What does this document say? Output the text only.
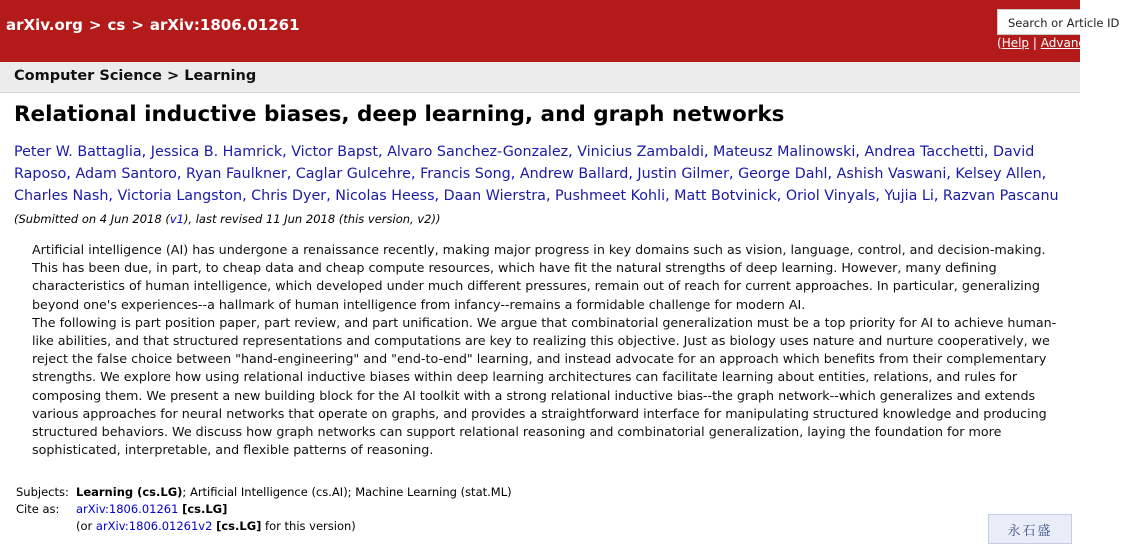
arXiv.org > cs > arXiv:1806.01261	Search or Article ID
(Help | Advanced search)
Computer Science > Learning
Relational inductive biases, deep learning, and graph networks
Peter W. Battaglia, Jessica B. Hamrick, Victor Bapst, Alvaro Sanchez-Gonzalez, Vinicius Zambaldi, Mateusz Malinowski, Andrea Tacchetti, David Raposo, Adam Santoro, Ryan Faulkner, Caglar Gulcehre, Francis Song, Andrew Ballard, Justin Gilmer, George Dahl, Ashish Vaswani, Kelsey Allen, Charles Nash, Victoria Langston, Chris Dyer, Nicolas Heess, Daan Wierstra, Pushmeet Kohli, Matt Botvinick, Oriol Vinyals, Yujia Li, Razvan Pascanu
(Submitted on 4 Jun 2018 (v1), last revised 11 Jun 2018 (this version, v2))

Artificial intelligence (AI) has undergone a renaissance recently, making major progress in key domains such as vision, language, control, and decision-making. This has been due, in part, to cheap data and cheap compute resources, which have fit the natural strengths of deep learning. However, many defining characteristics of human intelligence, which developed under much different pressures, remain out of reach for current approaches. In particular, generalizing beyond one's experiences--a hallmark of human intelligence from infancy--remains a formidable challenge for modern AI.

The following is part position paper, part review, and part unification. We argue that combinatorial generalization must be a top priority for AI to achieve human-like abilities, and that structured representations and computations are key to realizing this objective. Just as biology uses nature and nurture cooperatively, we reject the false choice between "hand-engineering" and "end-to-end" learning, and instead advocate for an approach which benefits from their complementary strengths. We explore how using relational inductive biases within deep learning architectures can facilitate learning about entities, relations, and rules for composing them. We present a new building block for the AI toolkit with a strong relational inductive bias--the graph network--which generalizes and extends various approaches for neural networks that operate on graphs, and provides a straightforward interface for manipulating structured knowledge and producing structured behaviors. We discuss how graph networks can support relational reasoning and combinatorial generalization, laying the foundation for more sophisticated, interpretable, and flexible patterns of reasoning.

Subjects: Learning (cs.LG); Artificial Intelligence (cs.AI); Machine Learning (stat.ML)
Cite as:	arXiv:1806.01261 [cs.LG]
(or arXiv:1806.01261v2 [cs.LG] for this version)	永石盛
